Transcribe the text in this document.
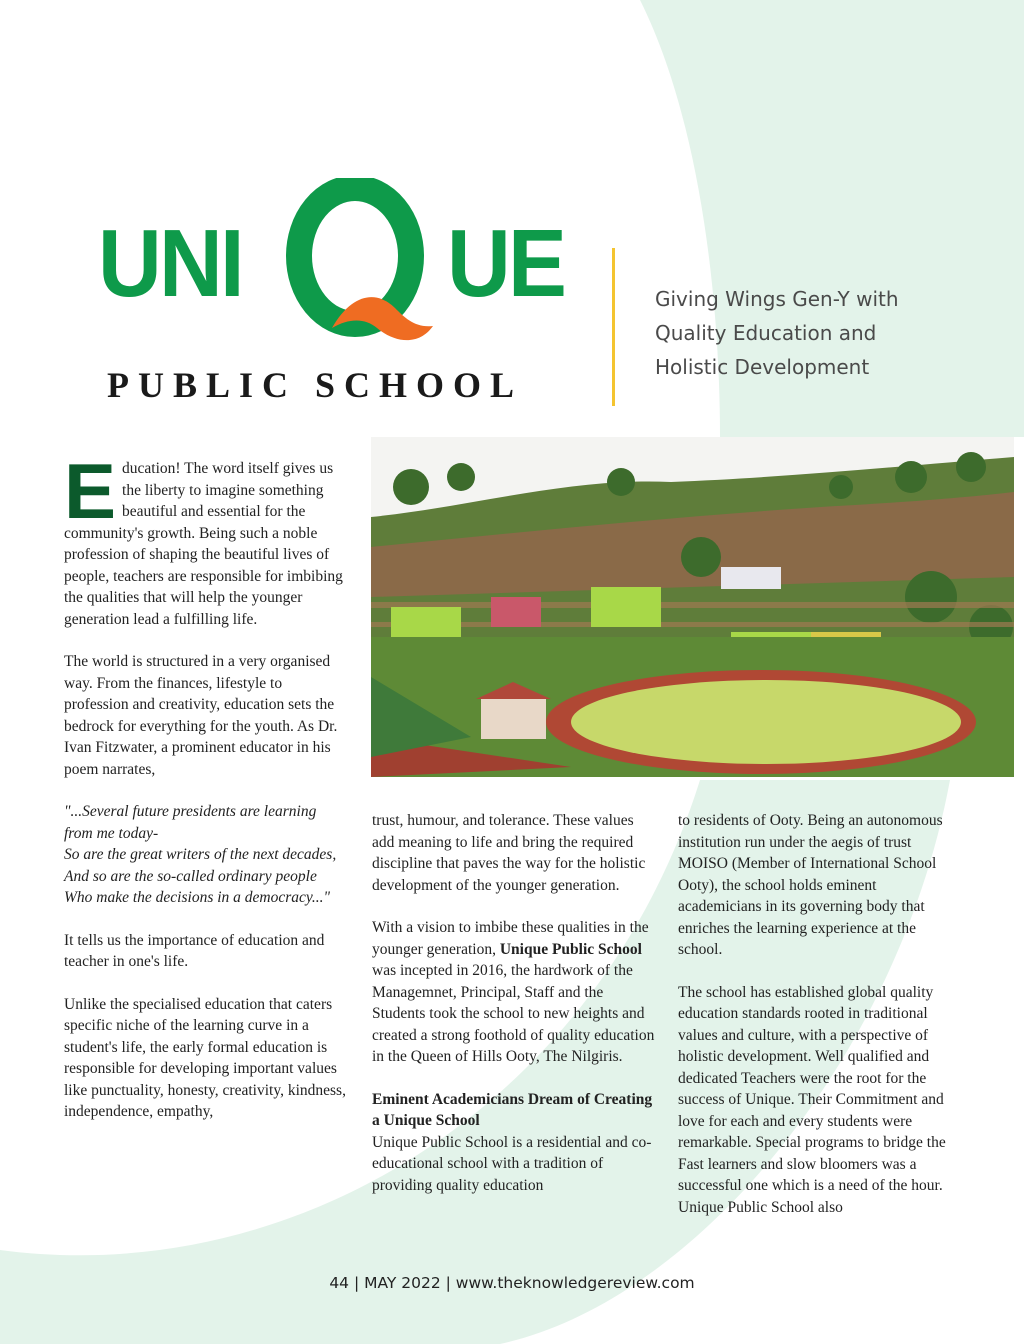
UNI UE
PUBLIC SCHOOL
Giving Wings Gen-Y with
Quality Education and
Holistic Development

Education! The word itself gives us the liberty to imagine something beautiful and essential for the community's growth. Being such a noble profession of shaping the beautiful lives of people, teachers are responsible for imbibing the qualities that will help the younger generation lead a fulfilling life.

The world is structured in a very organised way. From the finances, lifestyle to profession and creativity, education sets the bedrock for everything for the youth. As Dr. Ivan Fitzwater, a prominent educator in his poem narrates,

"...Several future presidents are learning from me today-
So are the great writers of the next decades,
And so are the so-called ordinary people
Who make the decisions in a democracy..."

It tells us the importance of education and teacher in one's life.

Unlike the specialised education that caters specific niche of the learning curve in a student's life, the early formal education is responsible for developing important values like punctuality, honesty, creativity, kindness, independence, empathy,

trust, humour, and tolerance. These values add meaning to life and bring the required discipline that paves the way for the holistic development of the younger generation.

With a vision to imbibe these qualities in the younger generation, Unique Public School was incepted in 2016, the hardwork of the Managemnet, Principal, Staff and the Students took the school to new heights and created a strong foothold of quality education in the Queen of Hills Ooty, The Nilgiris.

Eminent Academicians Dream of Creating a Unique School
Unique Public School is a residential and co-educational school with a tradition of providing quality education

to residents of Ooty. Being an autonomous institution run under the aegis of trust MOISO (Member of International School Ooty), the school holds eminent academicians in its governing body that enriches the learning experience at the school.

The school has established global quality education standards rooted in traditional values and culture, with a perspective of holistic development. Well qualified and dedicated Teachers were the root for the success of Unique. Their Commitment and love for each and every students were remarkable. Special programs to bridge the Fast learners and slow bloomers was a successful one which is a need of the hour. Unique Public School also

44 | MAY 2022 | www.theknowledgereview.com
